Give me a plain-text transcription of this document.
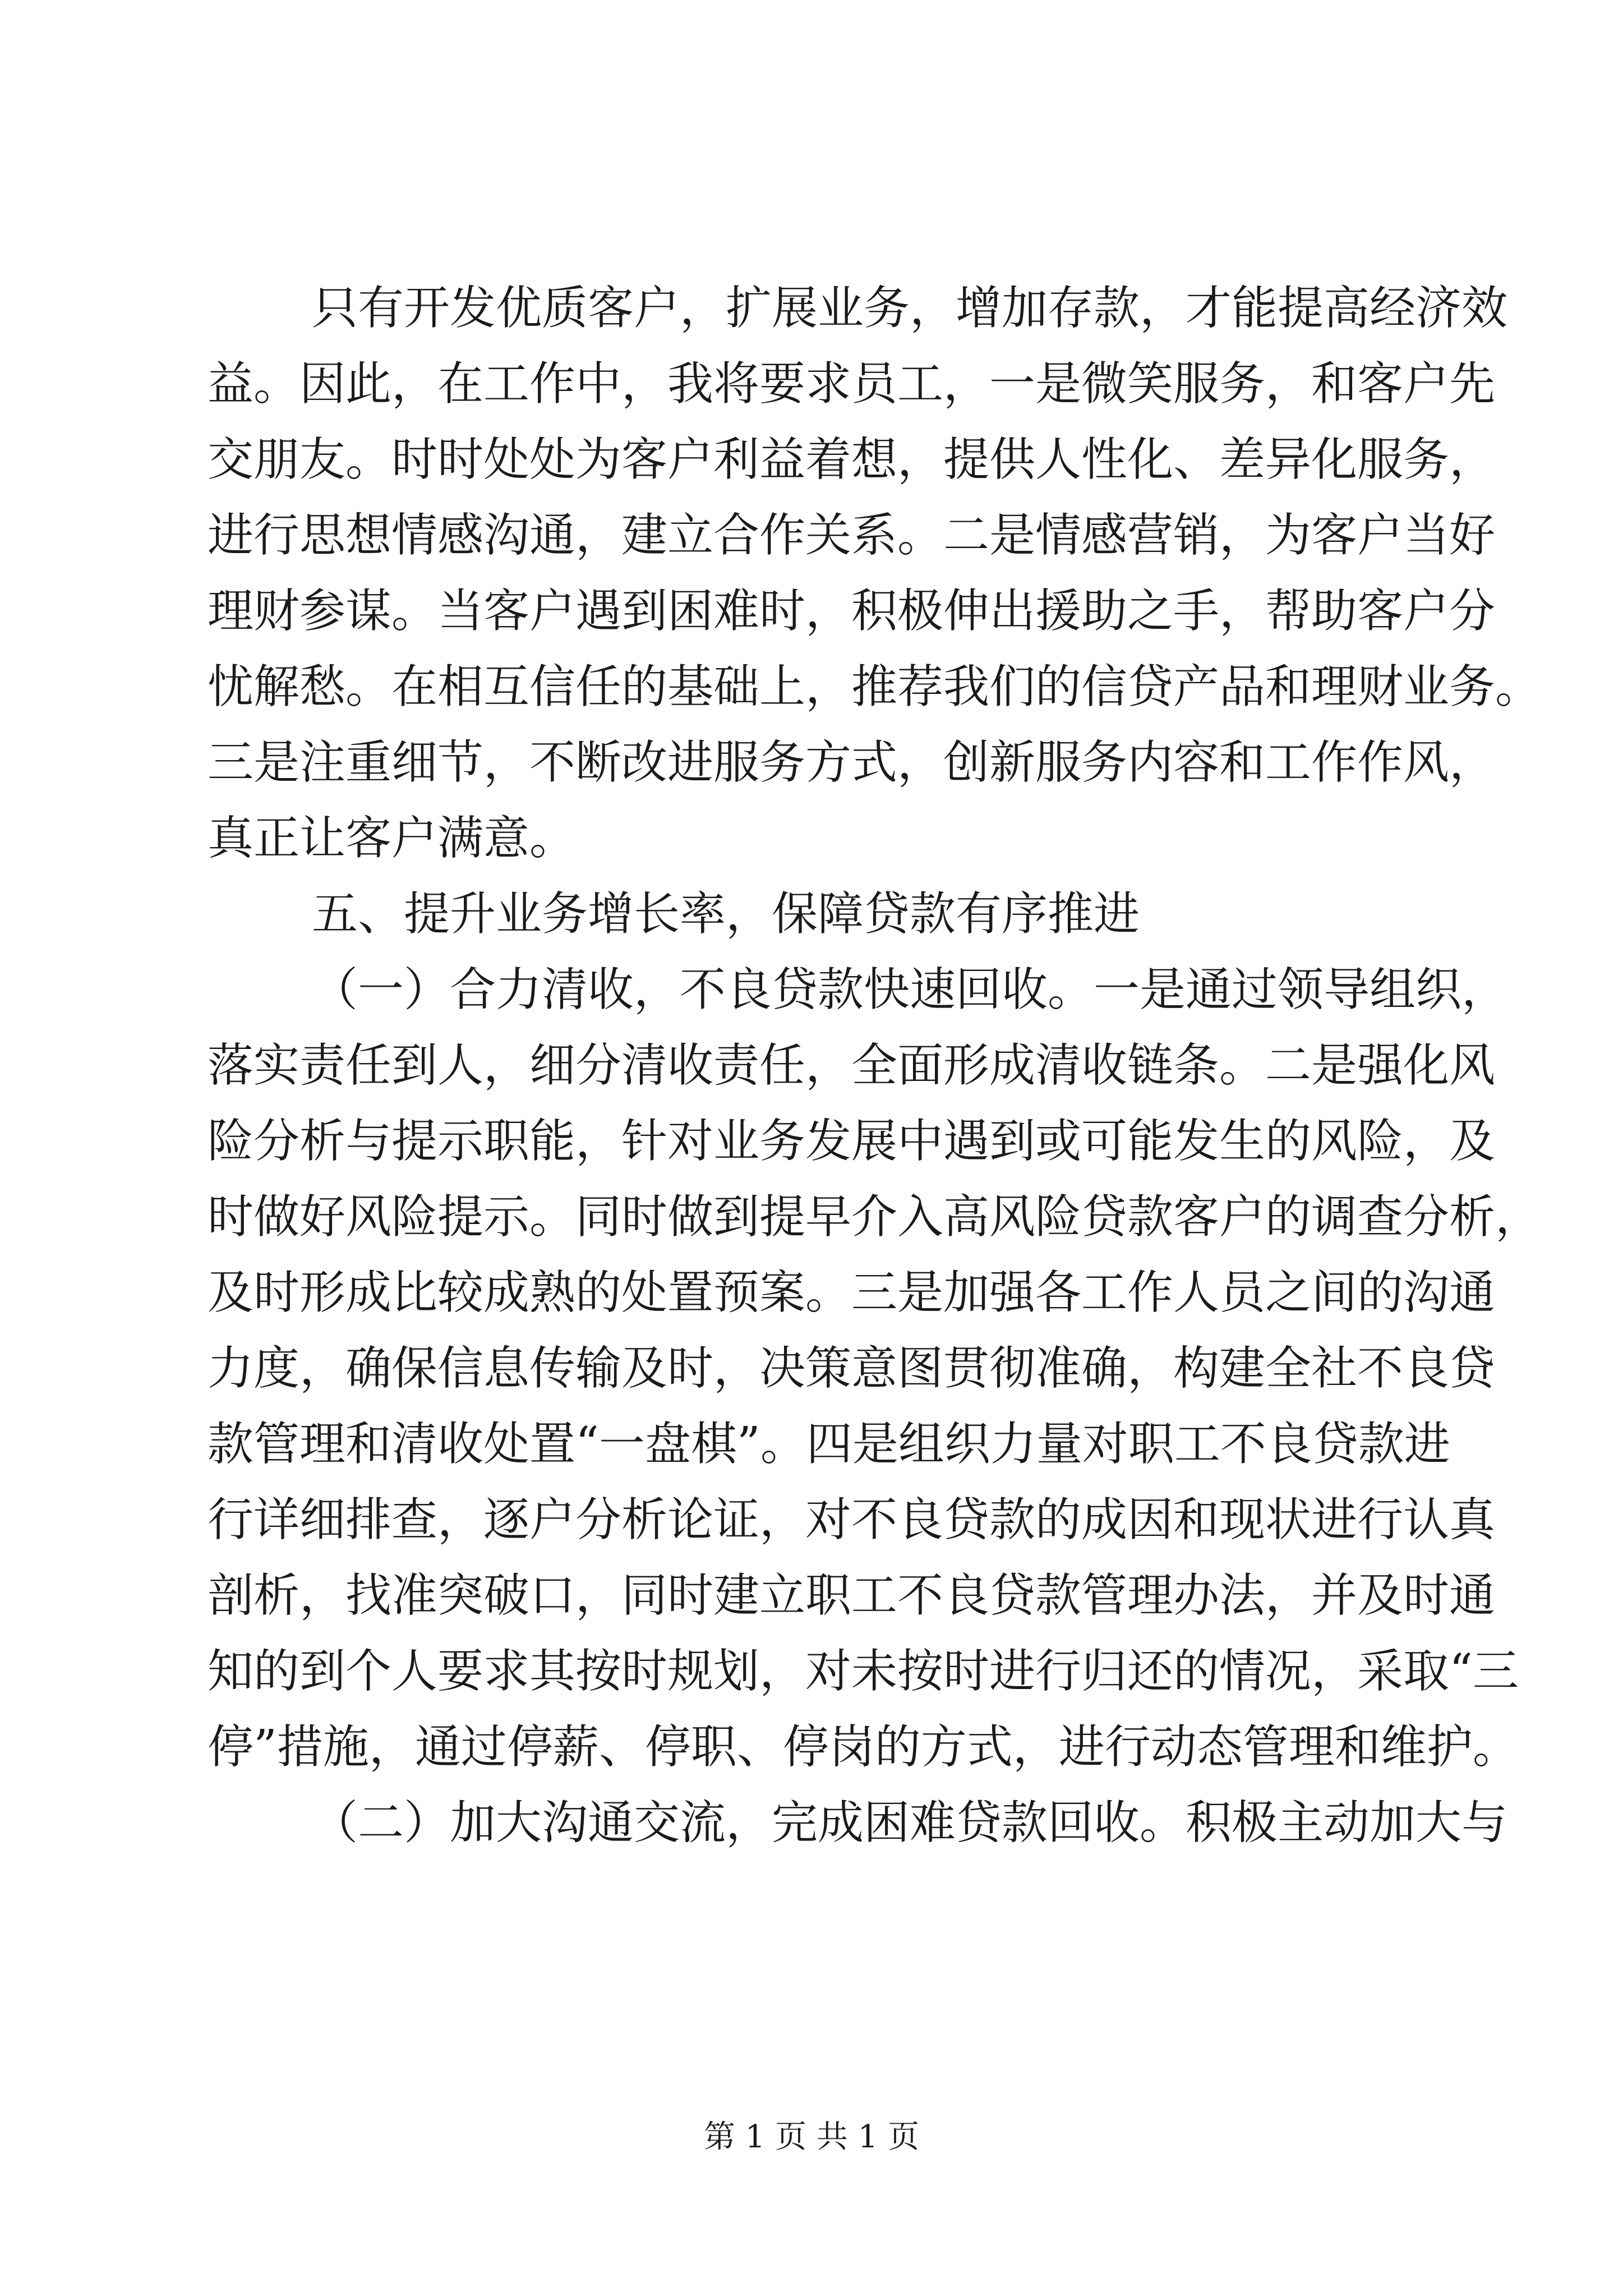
只有开发优质客户，扩展业务，增加存款，才能提高经济效
益。因此，在工作中，我将要求员工，一是微笑服务，和客户先
交朋友。时时处处为客户利益着想，提供人性化、差异化服务，
进行思想情感沟通，建立合作关系。二是情感营销，为客户当好
理财参谋。当客户遇到困难时，积极伸出援助之手，帮助客户分
忧解愁。在相互信任的基础上，推荐我们的信贷产品和理财业务。
三是注重细节，不断改进服务方式，创新服务内容和工作作风，
真正让客户满意。
五、提升业务增长率，保障贷款有序推进
（一）合力清收，不良贷款快速回收。一是通过领导组织，
落实责任到人，细分清收责任，全面形成清收链条。二是强化风
险分析与提示职能，针对业务发展中遇到或可能发生的风险，及
时做好风险提示。同时做到提早介入高风险贷款客户的调查分析，
及时形成比较成熟的处置预案。三是加强各工作人员之间的沟通
力度，确保信息传输及时，决策意图贯彻准确，构建全社不良贷
款管理和清收处置“一盘棋”。四是组织力量对职工不良贷款进
行详细排查，逐户分析论证，对不良贷款的成因和现状进行认真
剖析，找准突破口，同时建立职工不良贷款管理办法，并及时通
知的到个人要求其按时规划，对未按时进行归还的情况，采取“三
停”措施，通过停薪、停职、停岗的方式，进行动态管理和维护。
（二）加大沟通交流，完成困难贷款回收。积极主动加大与
第 1 页 共 1 页
